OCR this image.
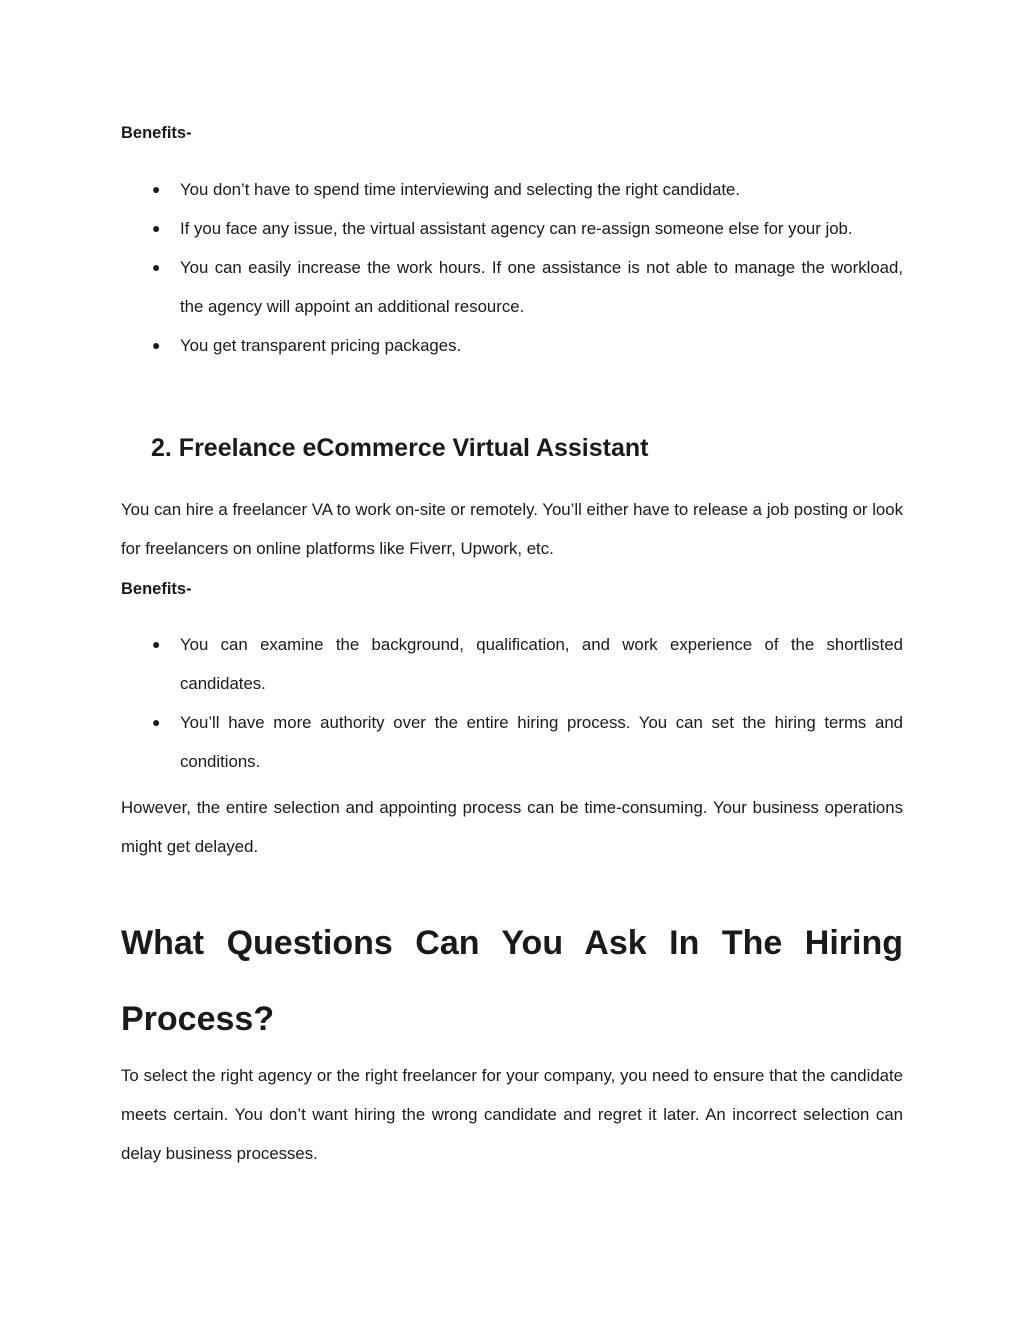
Benefits-

● You don’t have to spend time interviewing and selecting the right candidate.
● If you face any issue, the virtual assistant agency can re-assign someone else for your job.
● You can easily increase the work hours. If one assistance is not able to manage the workload, the agency will appoint an additional resource.
● You get transparent pricing packages.
2. Freelance eCommerce Virtual Assistant

You can hire a freelancer VA to work on-site or remotely. You’ll either have to release a job posting or look for freelancers on online platforms like Fiverr, Upwork, etc.

Benefits-

● You can examine the background, qualification, and work experience of the shortlisted candidates.
● You’ll have more authority over the entire hiring process. You can set the hiring terms and conditions.

However, the entire selection and appointing process can be time-consuming. Your business operations might get delayed.

What Questions Can You Ask In The Hiring Process?

To select the right agency or the right freelancer for your company, you need to ensure that the candidate meets certain. You don’t want hiring the wrong candidate and regret it later. An incorrect selection can delay business processes.
